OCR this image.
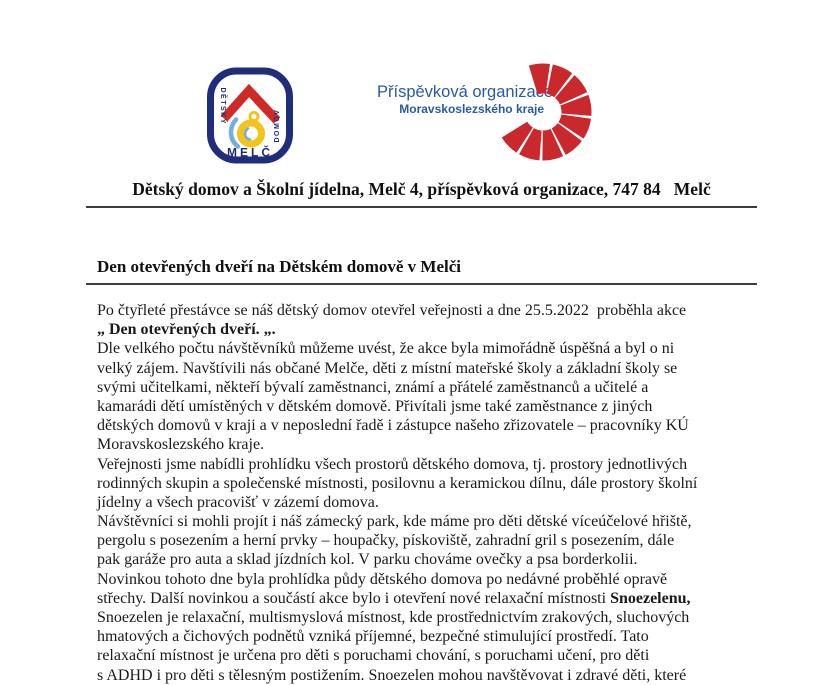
DĚTSKÝ
DOMOV
MELČ
Příspěvková organizace
Moravskoslezského kraje
Dětský domov a Školní jídelna, Melč 4, příspěvková organizace, 747 84   Melč
Den otevřených dveří na Dětském domově v Melči
Po čtyřleté přestávce se náš dětský domov otevřel veřejnosti a dne 25.5.2022  proběhla akce
„ Den otevřených dveří. „.
Dle velkého počtu návštěvníků můžeme uvést, že akce byla mimořádně úspěšná a byl o ni
velký zájem. Navštívili nás občané Melče, děti z místní mateřské školy a základní školy se
svými učitelkami, někteří bývalí zaměstnanci, známí a přátelé zaměstnanců a učitelé a
kamarádi dětí umístěných v dětském domově. Přivítali jsme také zaměstnance z jiných
dětských domovů v kraji a v neposlední řadě i zástupce našeho zřizovatele – pracovníky KÚ
Moravskoslezského kraje.
Veřejnosti jsme nabídli prohlídku všech prostorů dětského domova, tj. prostory jednotlivých
rodinných skupin a společenské místnosti, posilovnu a keramickou dílnu, dále prostory školní
jídelny a všech pracovišť v zázemí domova.
Návštěvníci si mohli projít i náš zámecký park, kde máme pro děti dětské víceúčelové hřiště,
pergolu s posezením a herní prvky – houpačky, pískoviště, zahradní gril s posezením, dále
pak garáže pro auta a sklad jízdních kol. V parku chováme ovečky a psa borderkolii.
Novinkou tohoto dne byla prohlídka půdy dětského domova po nedávné proběhlé opravě
střechy. Další novinkou a součástí akce bylo i otevření nové relaxační místnosti Snoezelenu,
Snoezelen je relaxační, multismyslová místnost, kde prostřednictvím zrakových, sluchových
hmatových a čichových podnětů vzniká příjemné, bezpečné stimulující prostředí. Tato
relaxační místnost je určena pro děti s poruchami chování, s poruchami učení, pro děti
s ADHD i pro děti s tělesným postižením. Snoezelen mohou navštěvovat i zdravé děti, které
